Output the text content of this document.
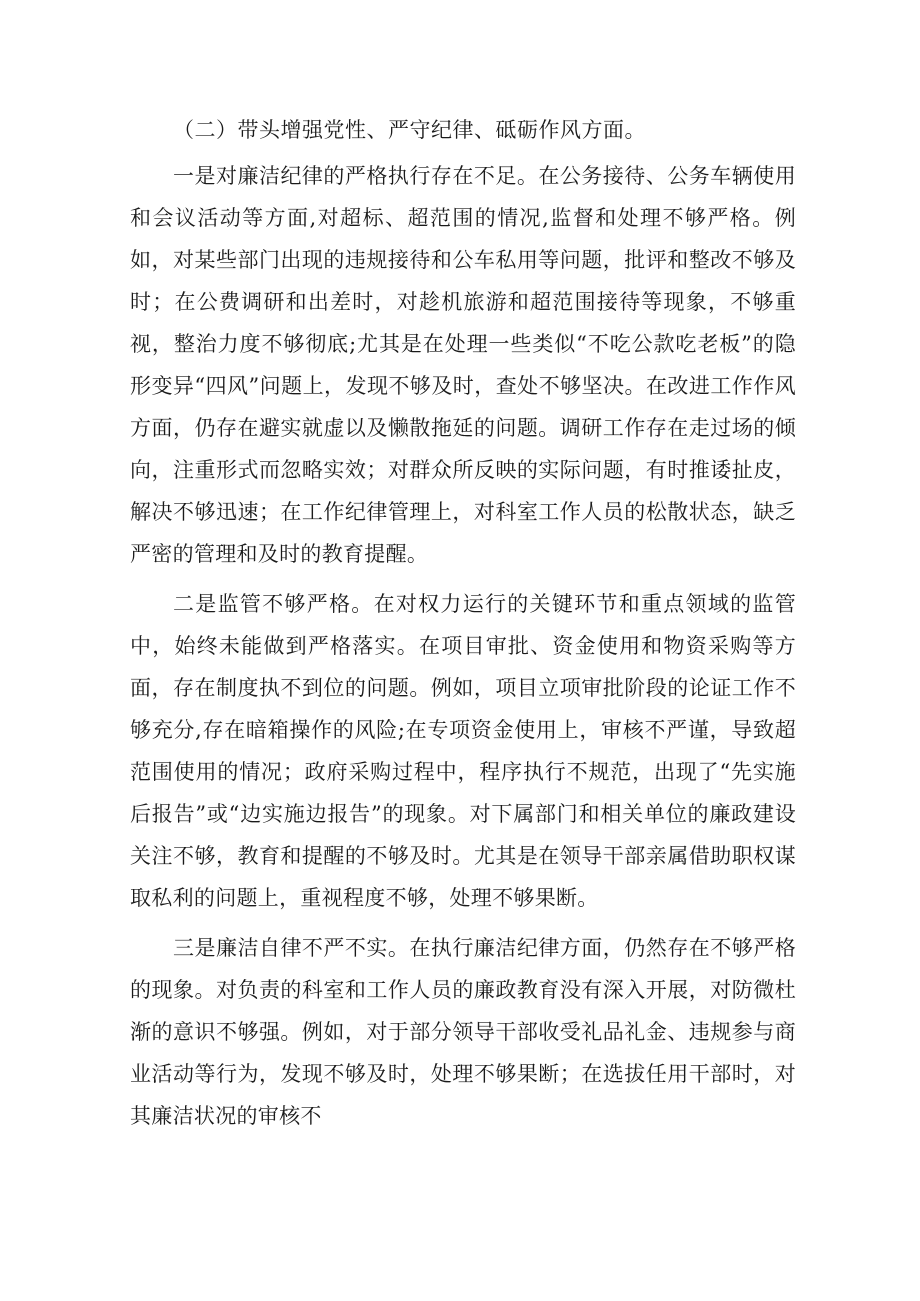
（二）带头增强党性、严守纪律、砥砺作风方面。

一是对廉洁纪律的严格执行存在不足。在公务接待、公务车辆使用和会议活动等方面,对超标、超范围的情况,监督和处理不够严格。例如，对某些部门出现的违规接待和公车私用等问题，批评和整改不够及时；在公费调研和出差时，对趁机旅游和超范围接待等现象，不够重视，整治力度不够彻底;尤其是在处理一些类似“不吃公款吃老板”的隐形变异“四风”问题上，发现不够及时，查处不够坚决。在改进工作作风方面，仍存在避实就虚以及懒散拖延的问题。调研工作存在走过场的倾向，注重形式而忽略实效；对群众所反映的实际问题，有时推诿扯皮，解决不够迅速；在工作纪律管理上，对科室工作人员的松散状态，缺乏严密的管理和及时的教育提醒。

二是监管不够严格。在对权力运行的关键环节和重点领域的监管中，始终未能做到严格落实。在项目审批、资金使用和物资采购等方面，存在制度执不到位的问题。例如，项目立项审批阶段的论证工作不够充分,存在暗箱操作的风险;在专项资金使用上，审核不严谨，导致超范围使用的情况；政府采购过程中，程序执行不规范，出现了“先实施后报告”或“边实施边报告”的现象。对下属部门和相关单位的廉政建设关注不够，教育和提醒的不够及时。尤其是在领导干部亲属借助职权谋取私利的问题上，重视程度不够，处理不够果断。

三是廉洁自律不严不实。在执行廉洁纪律方面，仍然存在不够严格的现象。对负责的科室和工作人员的廉政教育没有深入开展，对防微杜渐的意识不够强。例如，对于部分领导干部收受礼品礼金、违规参与商业活动等行为，发现不够及时，处理不够果断；在选拔任用干部时，对其廉洁状况的审核不
